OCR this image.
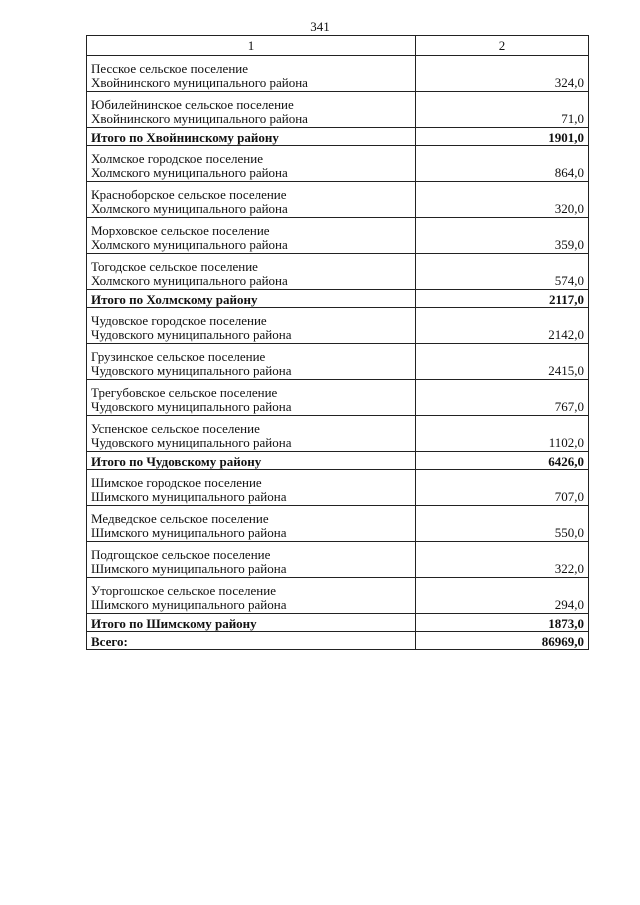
341
1	2

Песское сельское поселение
Хвойнинского муниципального района	324,0

Юбилейнинское сельское поселение
Хвойнинского муниципального района	71,0
Итого по Хвойнинскому району	1901,0

Холмское городское поселение
Холмского муниципального района	864,0

Красноборское сельское поселение
Холмского муниципального района	320,0

Морховское сельское поселение
Холмского муниципального района	359,0

Тогодское сельское поселение
Холмского муниципального района	574,0
Итого по Холмскому району	2117,0

Чудовское городское поселение
Чудовского муниципального района	2142,0

Грузинское сельское поселение
Чудовского муниципального района	2415,0

Трегубовское сельское поселение
Чудовского муниципального района	767,0

Успенское сельское поселение
Чудовского муниципального района	1102,0
Итого по Чудовскому району	6426,0

Шимское городское поселение
Шимского муниципального района	707,0

Медведское сельское поселение
Шимского муниципального района	550,0

Подгощское сельское поселение
Шимского муниципального района	322,0

Уторгошское сельское поселение
Шимского муниципального района	294,0
Итого по Шимскому району	1873,0
Всего:	86969,0
